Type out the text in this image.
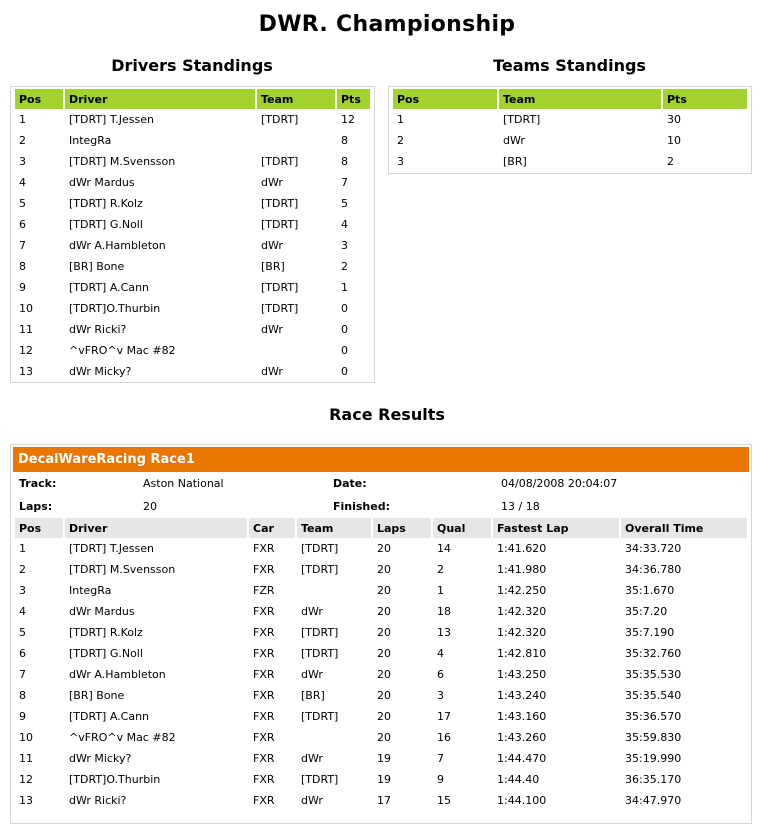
DWR. Championship
Drivers Standings
Pos	Driver	Team	Pts
1	[TDRT] T.Jessen	[TDRT]	12
2	IntegRa		8
3	[TDRT] M.Svensson	[TDRT]	8
4	dWr Mardus	dWr	7
5	[TDRT] R.Kolz	[TDRT]	5
6	[TDRT] G.Noll	[TDRT]	4
7	dWr A.Hambleton	dWr	3
8	[BR] Bone	[BR]	2
9	[TDRT] A.Cann	[TDRT]	1
10	[TDRT]O.Thurbin	[TDRT]	0
11	dWr Ricki?	dWr	0
12	^vFRO^v Mac #82		0
13	dWr Micky?	dWr	0
Teams Standings
Pos	Team	Pts
1	[TDRT]	30
2	dWr	10
3	[BR]	2
Race Results
DecalWareRacing Race1
Track:	Aston National	Date:	04/08/2008 20:04:07
Laps:	20	Finished:	13 / 18
Pos	Driver	Car	Team	Laps	Qual	Fastest Lap	Overall Time
1	[TDRT] T.Jessen	FXR	[TDRT]	20	14	1:41.620	34:33.720
2	[TDRT] M.Svensson	FXR	[TDRT]	20	2	1:41.980	34:36.780
3	IntegRa	FZR		20	1	1:42.250	35:1.670
4	dWr Mardus	FXR	dWr	20	18	1:42.320	35:7.20
5	[TDRT] R.Kolz	FXR	[TDRT]	20	13	1:42.320	35:7.190
6	[TDRT] G.Noll	FXR	[TDRT]	20	4	1:42.810	35:32.760
7	dWr A.Hambleton	FXR	dWr	20	6	1:43.250	35:35.530
8	[BR] Bone	FXR	[BR]	20	3	1:43.240	35:35.540
9	[TDRT] A.Cann	FXR	[TDRT]	20	17	1:43.160	35:36.570
10	^vFRO^v Mac #82	FXR		20	16	1:43.260	35:59.830
11	dWr Micky?	FXR	dWr	19	7	1:44.470	35:19.990
12	[TDRT]O.Thurbin	FXR	[TDRT]	19	9	1:44.40	36:35.170
13	dWr Ricki?	FXR	dWr	17	15	1:44.100	34:47.970
